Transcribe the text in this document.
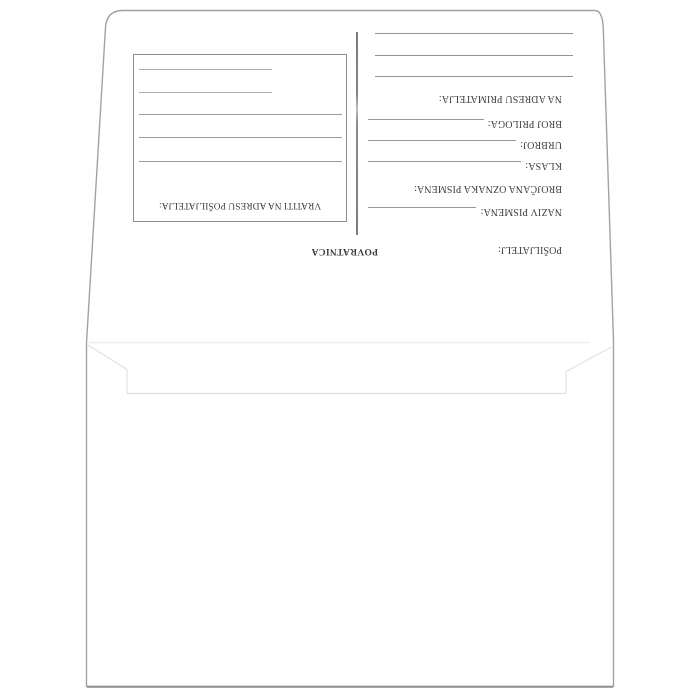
POVRATNICA	POŠILJATELJ:
NAZIV PISMENA:
BROJČANA OZNAKA PISMENA:
KLASA:
URBROJ:
BROJ PRILOGA:
NA ADRESU PRIMATELJA:
VRATITI NA ADRESU POŠILJATELJA:
